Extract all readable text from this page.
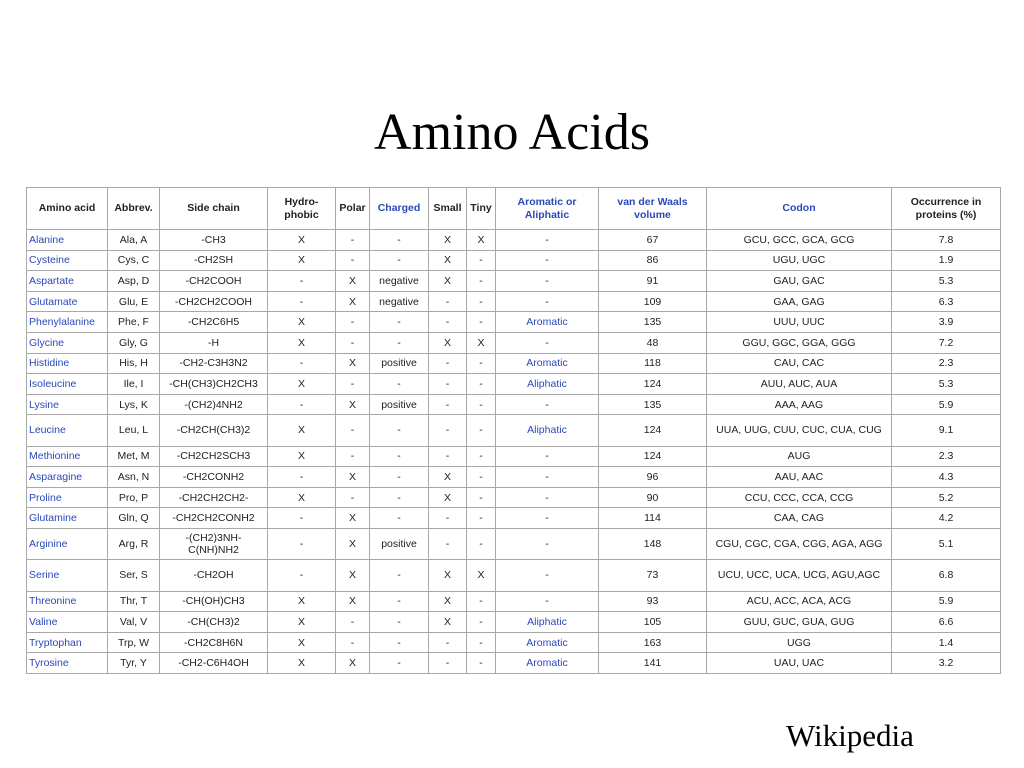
Amino Acids
Amino acid	Abbrev.	Side chain	Hydro-phobic	Polar	Charged	Small	Tiny	Aromatic or Aliphatic	van der Waals volume	Codon	Occurrence in proteins (%)
Alanine	Ala, A	-CH3	X	-	-	X	X	-	67	GCU, GCC, GCA, GCG	7.8
Cysteine	Cys, C	-CH2SH	X	-	-	X	-	-	86	UGU, UGC	1.9
Aspartate	Asp, D	-CH2COOH	-	X	negative	X	-	-	91	GAU, GAC	5.3
Glutamate	Glu, E	-CH2CH2COOH	-	X	negative	-	-	-	109	GAA, GAG	6.3
Phenylalanine	Phe, F	-CH2C6H5	X	-	-	-	-	Aromatic	135	UUU, UUC	3.9
Glycine	Gly, G	-H	X	-	-	X	X	-	48	GGU, GGC, GGA, GGG	7.2
Histidine	His, H	-CH2-C3H3N2	-	X	positive	-	-	Aromatic	118	CAU, CAC	2.3
Isoleucine	Ile, I	-CH(CH3)CH2CH3	X	-	-	-	-	Aliphatic	124	AUU, AUC, AUA	5.3
Lysine	Lys, K	-(CH2)4NH2	-	X	positive	-	-	-	135	AAA, AAG	5.9
Leucine	Leu, L	-CH2CH(CH3)2	X	-	-	-	-	Aliphatic	124	UUA, UUG, CUU, CUC, CUA, CUG	9.1
Methionine	Met, M	-CH2CH2SCH3	X	-	-	-	-	-	124	AUG	2.3
Asparagine	Asn, N	-CH2CONH2	-	X	-	X	-	-	96	AAU, AAC	4.3
Proline	Pro, P	-CH2CH2CH2-	X	-	-	X	-	-	90	CCU, CCC, CCA, CCG	5.2
Glutamine	Gln, Q	-CH2CH2CONH2	-	X	-	-	-	-	114	CAA, CAG	4.2
Arginine	Arg, R	-(CH2)3NH-C(NH)NH2	-	X	positive	-	-	-	148	CGU, CGC, CGA, CGG, AGA, AGG	5.1
Serine	Ser, S	-CH2OH	-	X	-	X	X	-	73	UCU, UCC, UCA, UCG, AGU,AGC	6.8
Threonine	Thr, T	-CH(OH)CH3	X	X	-	X	-	-	93	ACU, ACC, ACA, ACG	5.9
Valine	Val, V	-CH(CH3)2	X	-	-	X	-	Aliphatic	105	GUU, GUC, GUA, GUG	6.6
Tryptophan	Trp, W	-CH2C8H6N	X	-	-	-	-	Aromatic	163	UGG	1.4
Tyrosine	Tyr, Y	-CH2-C6H4OH	X	X	-	-	-	Aromatic	141	UAU, UAC	3.2
Wikipedia
